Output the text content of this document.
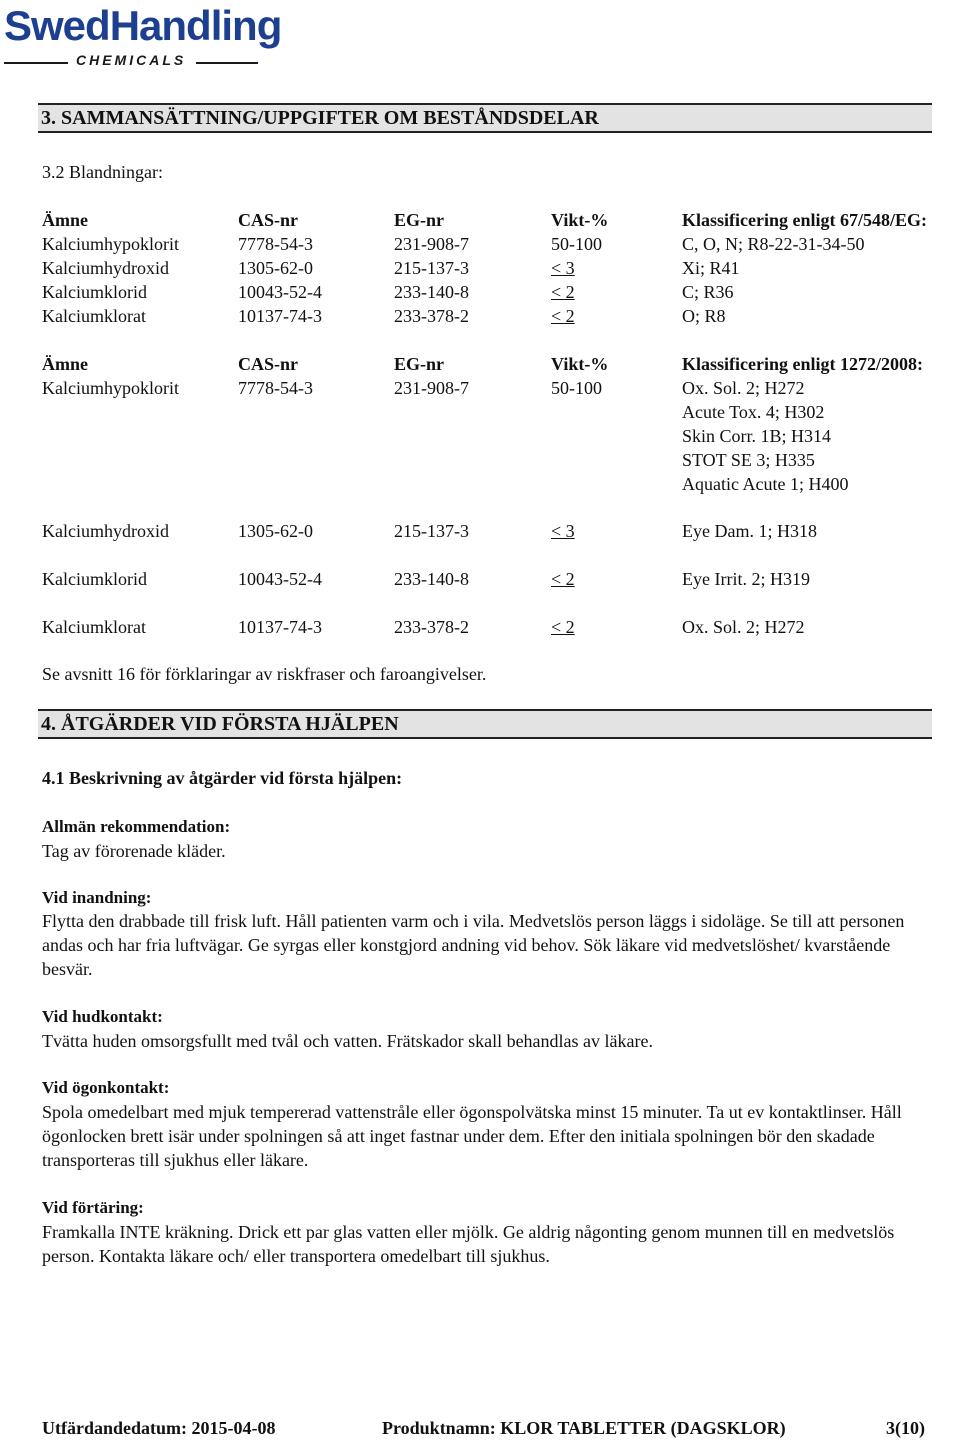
SwedHandling
CHEMICALS
3. SAMMANSÄTTNING/UPPGIFTER OM BESTÅNDSDELAR
3.2 Blandningar:
Ämne	CAS-nr	EG-nr	Vikt-%	Klassificering enligt 67/548/EG:
Kalciumhypoklorit	7778-54-3	231-908-7	50-100	C, O, N; R8-22-31-34-50
Kalciumhydroxid	1305-62-0	215-137-3	< 3	Xi; R41
Kalciumklorid	10043-52-4	233-140-8	< 2	C; R36
Kalciumklorat	10137-74-3	233-378-2	< 2	O; R8
Ämne	CAS-nr	EG-nr	Vikt-%	Klassificering enligt 1272/2008:
Kalciumhypoklorit	7778-54-3	231-908-7	50-100	Ox. Sol. 2; H272
Acute Tox. 4; H302
Skin Corr. 1B; H314
STOT SE 3; H335
Aquatic Acute 1; H400
Kalciumhydroxid	1305-62-0	215-137-3	< 3	Eye Dam. 1; H318
Kalciumklorid	10043-52-4	233-140-8	< 2	Eye Irrit. 2; H319
Kalciumklorat	10137-74-3	233-378-2	< 2	Ox. Sol. 2; H272
Se avsnitt 16 för förklaringar av riskfraser och faroangivelser.
4. ÅTGÄRDER VID FÖRSTA HJÄLPEN
4.1 Beskrivning av åtgärder vid första hjälpen:
Allmän rekommendation:
Tag av förorenade kläder.
Vid inandning:
Flytta den drabbade till frisk luft. Håll patienten varm och i vila. Medvetslös person läggs i sidoläge. Se till att personen andas och har fria luftvägar. Ge syrgas eller konstgjord andning vid behov. Sök läkare vid medvetslöshet/ kvarstående besvär.
Vid hudkontakt:
Tvätta huden omsorgsfullt med tvål och vatten. Frätskador skall behandlas av läkare.
Vid ögonkontakt:
Spola omedelbart med mjuk tempererad vattenstråle eller ögonspolvätska minst 15 minuter. Ta ut ev kontaktlinser. Håll ögonlocken brett isär under spolningen så att inget fastnar under dem. Efter den initiala spolningen bör den skadade transporteras till sjukhus eller läkare.
Vid förtäring:
Framkalla INTE kräkning. Drick ett par glas vatten eller mjölk. Ge aldrig någonting genom munnen till en medvetslös person. Kontakta läkare och/ eller transportera omedelbart till sjukhus.
Utfärdandedatum: 2015-04-08	Produktnamn: KLOR TABLETTER (DAGSKLOR)	3(10)
